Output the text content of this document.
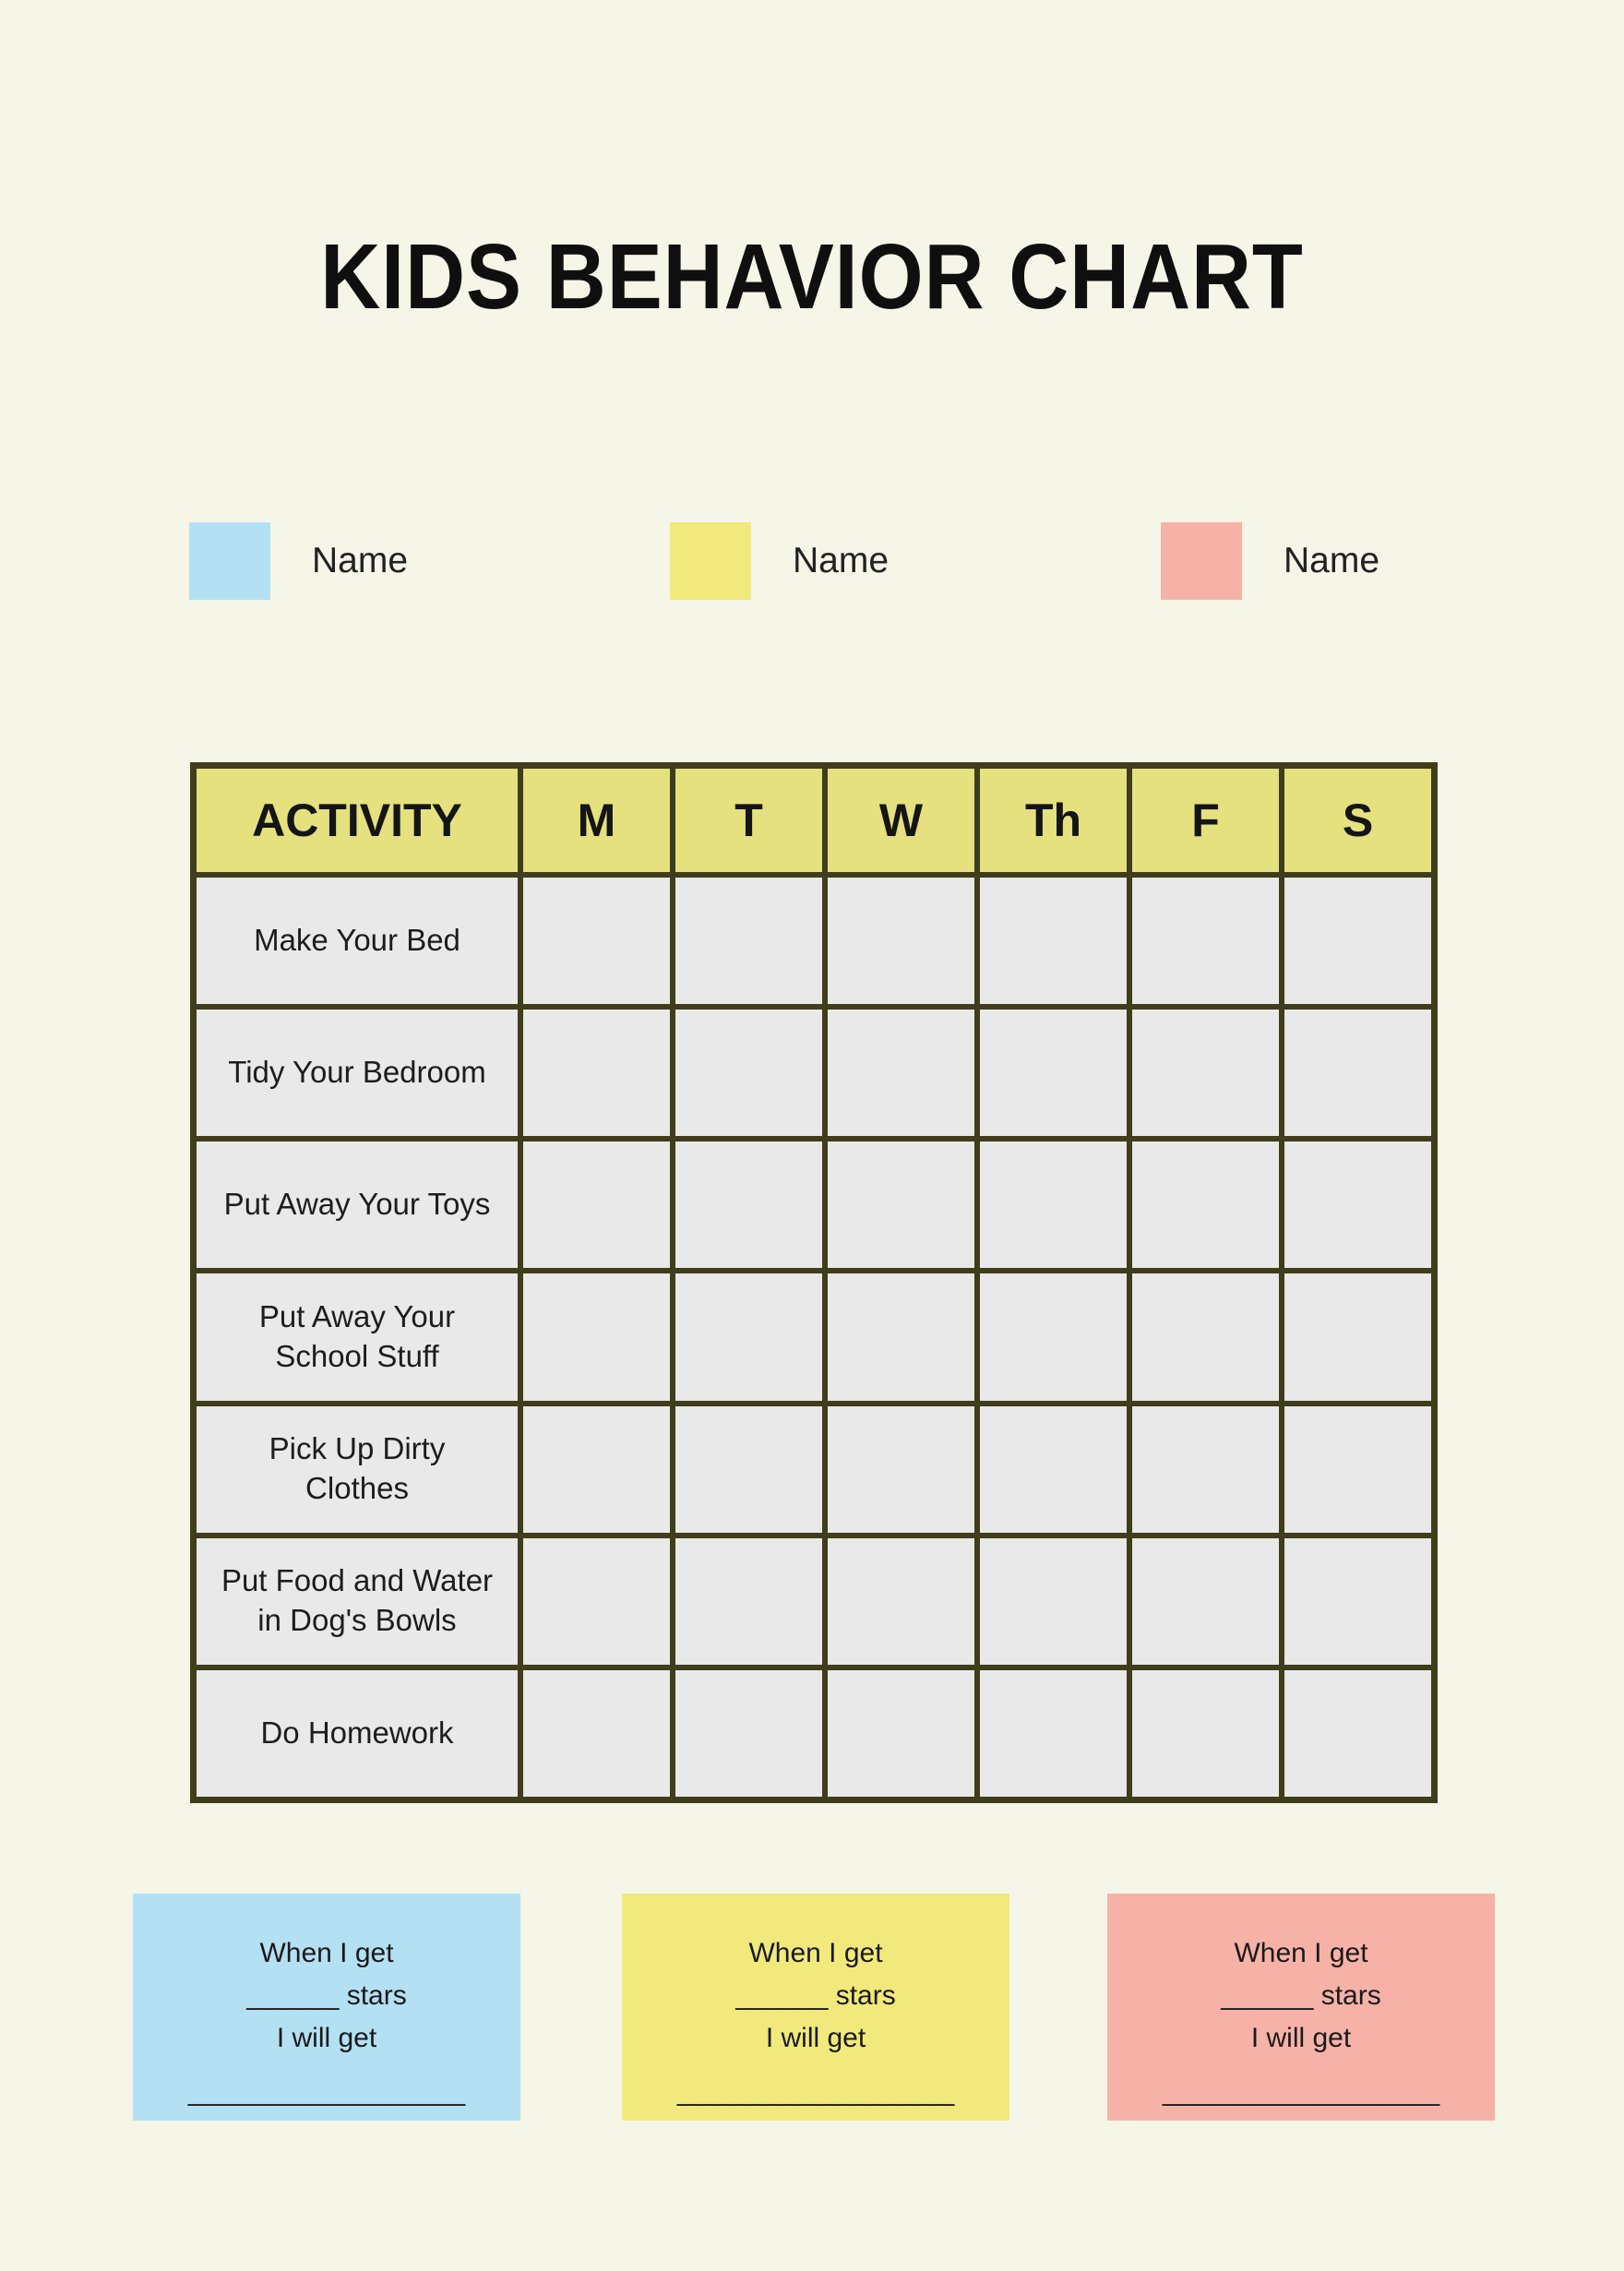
KIDS BEHAVIOR CHART
Name	Name	Name
ACTIVITY	M	T	W	Th	F	S
Make Your Bed
Tidy Your Bedroom
Put Away Your Toys
Put Away Your School Stuff
Pick Up Dirty Clothes
Put Food and Water in Dog's Bowls
Do Homework
When I get
______ stars
I will get
__________________
When I get
______ stars
I will get
__________________
When I get
______ stars
I will get
__________________
